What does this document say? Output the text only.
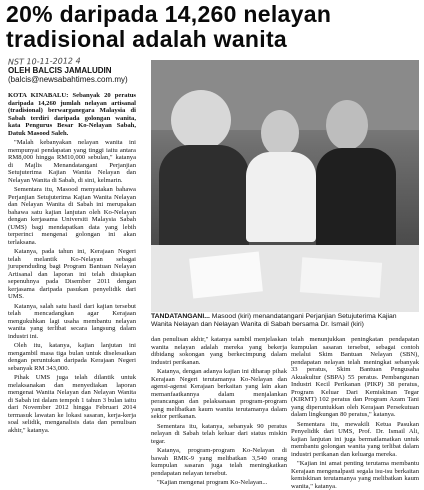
20% daripada 14,260 nelayan tradisional adalah wanita
NST 10-11-2012 4
OLEH BALCIS JAMALUDIN
(balcis@newsabahtimes.com.my)

KOTA KINABALU: Sebanyak 20 peratus daripada 14,260 jumlah nelayan artisanal (tradisional) berwarganegara Malaysia di Sabah terdiri daripada golongan wanita, kata Pengurus Besar Ko-Nelayan Sabah, Datuk Masood Saleh.

"Malah kebanyakan nelayan wanita ini mempunyai pendapatan yang tinggi iaitu antara RM8,000 hingga RM10,000 sebulan," katanya di Majlis Menandatangani Perjanjian Setujuterima Kajian Wanita Nelayan dan Nelayan Wanita di Sabah, di sini, kelmarin.

Sementara itu, Masood menyatakan bahawa Perjanjian Setujuterima Kajian Wanita Nelayan dan Nelayan Wanita di Sabah ini merupakan bahawa satu kajian lanjutan oleh Ko-Nelayan dengan kerjasama Universiti Malaysia Sabah (UMS) bagi mendapatkan data yang lebih terperinci mengenai golongan ini akan terlaksana.

Katanya, pada tahun ini, Kerajaan Negeri telah melantik Ko-Nelayan sebagai jurupenduding bagi Program Bantuan Nelayan Artisanal dan laporan ini telah disiapkan sepenuhnya pada Disember 2011 dengan kerjasama daripada pasukan penyelidik dari UMS.

Katanya, salah satu hasil dari kajian tersebut telah mencadangkan agar Kerajaan mengukuhkan lagi usaha membantu nelayan wanita yang terlibat secara langsung dalam industri ini.

Oleh itu, katanya, kajian lanjutan ini mengambil masa tiga bulan untuk diselesaikan dengan peruntukan daripada Kerajaan Negeri sebanyak RM 343,000.

Pihak UMS juga telah dilantik untuk melaksanakan dan menyediakan laporan mengenai Wanita Nelayan dan Nelayan Wanita di Sabah ini dalam tempoh 1 tahun 3 bulan iaitu dari November 2012 hingga Februari 2014 termasuk lawatan ke lokasi sasaran, kerja-kerja soal selidik, menganalisis data dan penulisan akhir," katanya.

TANDATANGANI... Masood (kiri) menandatangani Perjanjian Setujuterima Kajian Wanita Nelayan dan Nelayan Wanita di Sabah bersama Dr. Ismail (kiri)

dan penulisan akhir," katanya sambil menjelaskan wanita nelayan adalah mereka yang bekerja dibidang sokongan yang berkecimpung dalam industri perikanan.

Katanya, dengan adanya kajian ini diharap pihak Kerajaan Negeri terutamanya Ko-Nelayan dan agensi-agensi Kerajaan berkaitan yang lain akan memanfaatkannya dalam menjalankan perancangan dan pelaksanaan program-program yang melibatkan kaum wanita terutamanya dalam sektor perikanan.

Sementara itu, katanya, sebanyak 90 peratus nelayan di Sabah telah keluar dari status miskin tegar.

Katanya, program-program Ko-Nelayan di bawah RMK-9 yang melibatkan 3,540 orang kumpulan sasaran juga telah meningkatkan pendapatan nelayan tersebut.

"Kajian mengenai program Ko-Nelayan...

telah menunjukkan peningkatan pendapatan kumpulan sasaran tersebut, sebagai contoh melalui Skim Bantuan Nelayan (SBN), pendapatan nelayan telah meningkat sebanyak 33 peratus, Skim Bantuan Pengusaha Akuakultur (SBPA) 55 peratus. Pembangunan Industri Kecil Perikanan (PIKP) 38 peratus, Program Keluar Dari Kemiskinan Tegar (KIRMT) 102 peratus dan Program Azam Tani yang diperuntukkan oleh Kerajaan Persekutuan dalam lingkungan 80 peratus," katanya.

Sementara itu, mewakili Ketua Pasukan Penyelidik dari UMS, Prof. Dr. Ismail Ali, kajian lanjutan ini juga bermatlamatkan untuk membantu golongan wanita yang terlibat dalam industri perikanan dan keluarga mereka.

"Kajian ini amat penting terutama membantu Kerajaan mengenalpasti segala isu-isu berkaitan kemiskinan terutamanya yang melibatkan kaum wanita," katanya.
